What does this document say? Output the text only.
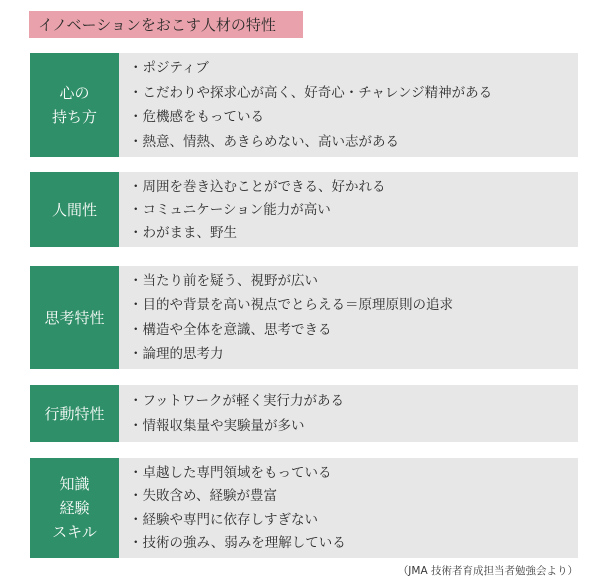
イノベーションをおこす人材の特性
心の
持ち方
・ポジティブ
・こだわりや探求心が高く、好奇心・チャレンジ精神がある
・危機感をもっている
・熱意、情熱、あきらめない、高い志がある
人間性
・周囲を巻き込むことができる、好かれる
・コミュニケーション能力が高い
・わがまま、野生
思考特性
・当たり前を疑う、視野が広い
・目的や背景を高い視点でとらえる＝原理原則の追求
・構造や全体を意識、思考できる
・論理的思考力
行動特性
・フットワークが軽く実行力がある
・情報収集量や実験量が多い
知識
経験
スキル
・卓越した専門領域をもっている
・失敗含め、経験が豊富
・経験や専門に依存しすぎない
・技術の強み、弱みを理解している
（JMA 技術者育成担当者勉強会より）
